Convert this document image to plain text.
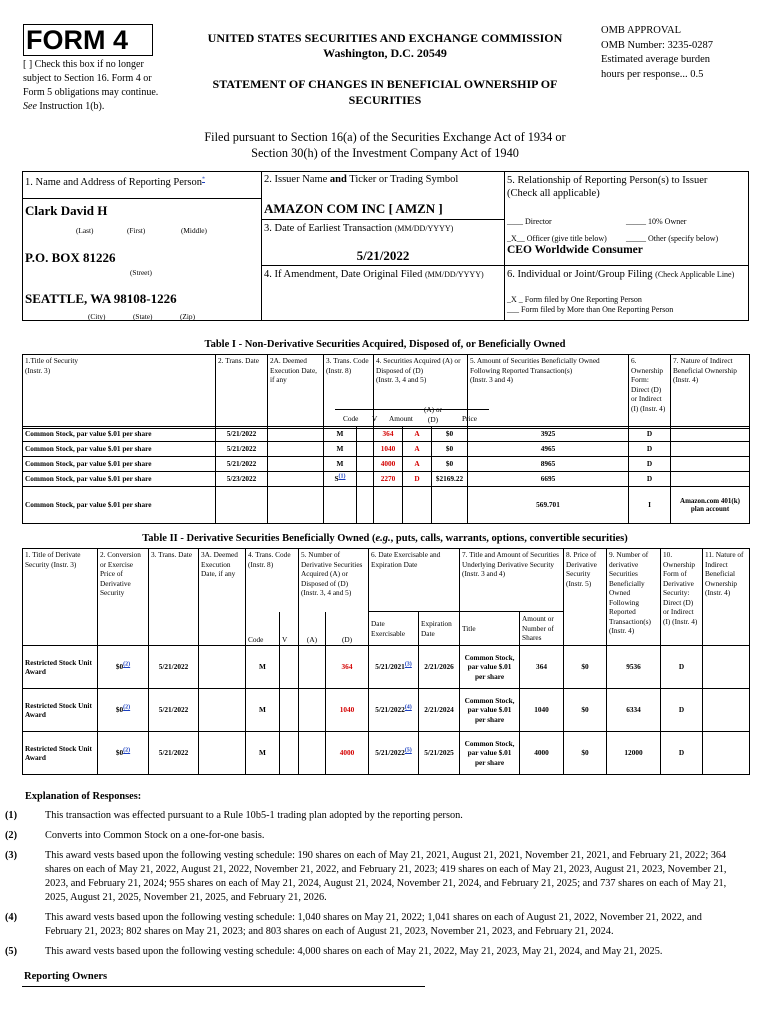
FORM 4
[ ] Check this box if no longer subject to Section 16. Form 4 or Form 5 obligations may continue. See Instruction 1(b).
UNITED STATES SECURITIES AND EXCHANGE COMMISSION
Washington, D.C. 20549
STATEMENT OF CHANGES IN BENEFICIAL OWNERSHIP OF
SECURITIES
OMB APPROVAL
OMB Number: 3235-0287
Estimated average burden
hours per response... 0.5
Filed pursuant to Section 16(a) of the Securities Exchange Act of 1934 or
Section 30(h) of the Investment Company Act of 1940
1. Name and Address of Reporting Person*
Clark David H
(Last)	(First)	(Middle)
P.O. BOX 81226
(Street)
SEATTLE, WA 98108-1226
(City)	(State)	(Zip)
2. Issuer Name and Ticker or Trading Symbol
AMAZON COM INC [ AMZN ]
3. Date of Earliest Transaction (MM/DD/YYYY)
5/21/2022
4. If Amendment, Date Original Filed (MM/DD/YYYY)
5. Relationship of Reporting Person(s) to Issuer
(Check all applicable)
____ Director	_____ 10% Owner
_X__ Officer (give title below) _____ Other (specify below)
CEO Worldwide Consumer
6. Individual or Joint/Group Filing (Check Applicable Line)
_X _ Form filed by One Reporting Person
___ Form filed by More than One Reporting Person
Table I - Non-Derivative Securities Acquired, Disposed of, or Beneficially Owned
1.Title of Security
(Instr. 3)	2. Trans. Date	2A. Deemed Execution Date, if any	3. Trans. Code (Instr. 8)	4. Securities Acquired (A) or Disposed of (D)
(Instr. 3, 4 and 5)	5. Amount of Securities Beneficially Owned Following Reported Transaction(s)
(Instr. 3 and 4)	6. Ownership Form: Direct (D) or Indirect (I) (Instr. 4)	7. Nature of Indirect Beneficial Ownership (Instr. 4)

Code V Amount	(D)	Price
Common Stock, par value $.01 per share	5/21/2022		M		364	A	$0	3925	D	
Common Stock, par value $.01 per share	5/21/2022		M		1040	A	$0	4965	D	
Common Stock, par value $.01 per share	5/21/2022		M		4000	A	$0	8965	D	
Common Stock, par value $.01 per share	5/23/2022		$S^{(1)}$		2270	D	$2169.22	6695	D	
Common Stock, par value $.01 per share								569.701	I	Amazon.com 401(k) plan account
Table II - Derivative Securities Beneficially Owned (e.g., puts, calls, warrants, options, convertible securities)
1. Title of Derivate Security (Instr. 3)	2. Conversion or Exercise Price of Derivative Security	3. Trans. Date	3A. Deemed Execution Date, if any	4. Trans. Code (Instr. 8)		5. Number of Derivative Securities Acquired (A) or Disposed of (D)
(Instr. 3, 4 and 5)		6. Date Exercisable and Expiration Date		7. Title and Amount of Securities Underlying Derivative Security (Instr. 3 and 4)		8. Price of Derivative Security (Instr. 5)	9. Number of derivative Securities Beneficially Owned Following Reported Transaction(s) (Instr. 4)	10. Ownership Form of Derivative Security: Direct (D) or Indirect (I) (Instr. 4)	11. Nature of Indirect Beneficial Ownership (Instr. 4)
				Code	V	(A)	(D)	Date Exercisable	Expiration Date	Title	Amount or Number of Shares				
Restricted Stock Unit Award	$0$^{(2)}$	5/21/2022		M			364	5/21/2021$^{(3)}$	2/21/2026	Common Stock, par value $.01 per share	364	$0	9536	D	
Restricted Stock Unit Award	$0$^{(2)}$	5/21/2022		M			1040	5/21/2022$^{(4)}$	2/21/2024	Common Stock, par value $.01 per share	1040	$0	6334	D	
Restricted Stock Unit Award	$0$^{(2)}$	5/21/2022		M			4000	5/21/2022$^{(5)}$	5/21/2025	Common Stock, par value $.01 per share	4000	$0	12000	D	

Explanation of Responses:

(1)	This transaction was effected pursuant to a Rule 10b5-1 trading plan adopted by the reporting person.

(2)	Converts into Common Stock on a one-for-one basis.

(3)	This award vests based upon the following vesting schedule: 190 shares on each of May 21, 2021, August 21, 2021, November 21, 2021, and February 21, 2022; 364 shares on each of May 21, 2022, August 21, 2022, November 21, 2022, and February 21, 2023; 419 shares on each of May 21, 2023, August 21, 2023, November 21, 2023, and February 21, 2024; 955 shares on each of May 21, 2024, August 21, 2024, November 21, 2024, and February 21, 2025; and 737 shares on each of May 21, 2025, August 21, 2025, November 21, 2025, and February 21, 2026.

(4)	This award vests based upon the following vesting schedule: 1,040 shares on May 21, 2022; 1,041 shares on each of August 21, 2022, November 21, 2022, and February 21, 2023; 802 shares on May 21, 2023; and 803 shares on each of August 21, 2023, November 21, 2023, and February 21, 2024.

(5)	This award vests based upon the following vesting schedule: 4,000 shares on each of May 21, 2022, May 21, 2023, May 21, 2024, and May 21, 2025.

Reporting Owners
